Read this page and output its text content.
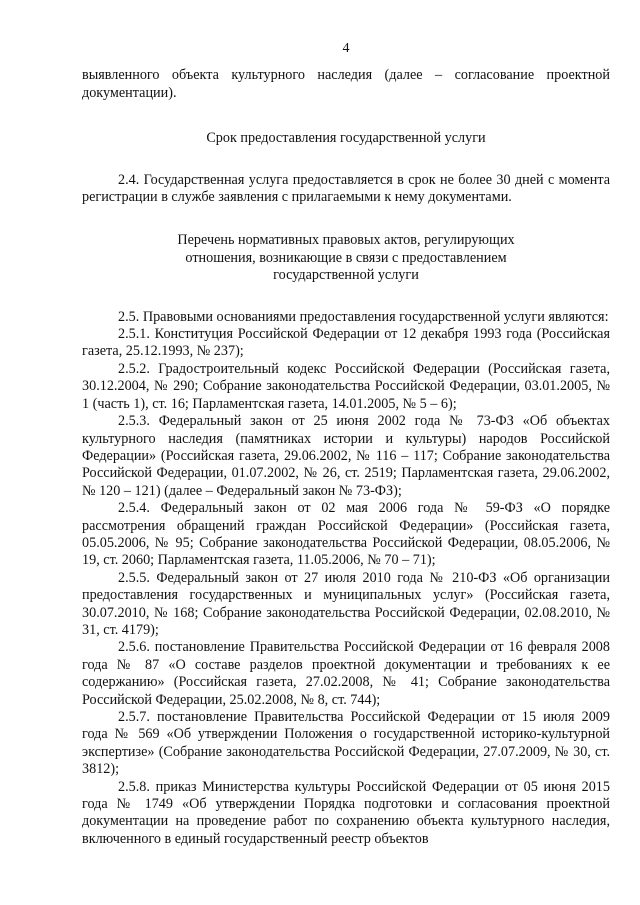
4

выявленного объекта культурного наследия (далее – согласование проектной документации).

Срок предоставления государственной услуги

2.4. Государственная услуга предоставляется в срок не более 30 дней с момента регистрации в службе заявления с прилагаемыми к нему документами.

Перечень нормативных правовых актов, регулирующих
отношения, возникающие в связи с предоставлением
государственной услуги

2.5. Правовыми основаниями предоставления государственной услуги являются:

2.5.1. Конституция Российской Федерации от 12 декабря 1993 года (Российская газета, 25.12.1993, № 237);

2.5.2. Градостроительный кодекс Российской Федерации (Российская газета, 30.12.2004, № 290; Собрание законодательства Российской Федерации, 03.01.2005, № 1 (часть 1), ст. 16; Парламентская газета, 14.01.2005, № 5 – 6);

2.5.3. Федеральный закон от 25 июня 2002 года № 73-ФЗ «Об объектах культурного наследия (памятниках истории и культуры) народов Российской Федерации» (Российская газета, 29.06.2002, № 116 – 117; Собрание законодательства Российской Федерации, 01.07.2002, № 26, ст. 2519; Парламентская газета, 29.06.2002, № 120 – 121) (далее – Федеральный закон № 73-ФЗ);

2.5.4. Федеральный закон от 02 мая 2006 года № 59-ФЗ «О порядке рассмотрения обращений граждан Российской Федерации» (Российская газета, 05.05.2006, № 95; Собрание законодательства Российской Федерации, 08.05.2006, № 19, ст. 2060; Парламентская газета, 11.05.2006, № 70 – 71);

2.5.5. Федеральный закон от 27 июля 2010 года № 210-ФЗ «Об организации предоставления государственных и муниципальных услуг» (Российская газета, 30.07.2010, № 168; Собрание законодательства Российской Федерации, 02.08.2010, № 31, ст. 4179);

2.5.6. постановление Правительства Российской Федерации от 16 февраля 2008 года № 87 «О составе разделов проектной документации и требованиях к ее содержанию» (Российская газета, 27.02.2008, № 41; Собрание законодательства Российской Федерации, 25.02.2008, № 8, ст. 744);

2.5.7. постановление Правительства Российской Федерации от 15 июля 2009 года № 569 «Об утверждении Положения о государственной историко-культурной экспертизе» (Собрание законодательства Российской Федерации, 27.07.2009, № 30, ст. 3812);

2.5.8. приказ Министерства культуры Российской Федерации от 05 июня 2015 года № 1749 «Об утверждении Порядка подготовки и согласования проектной документации на проведение работ по сохранению объекта культурного наследия, включенного в единый государственный реестр объектов
